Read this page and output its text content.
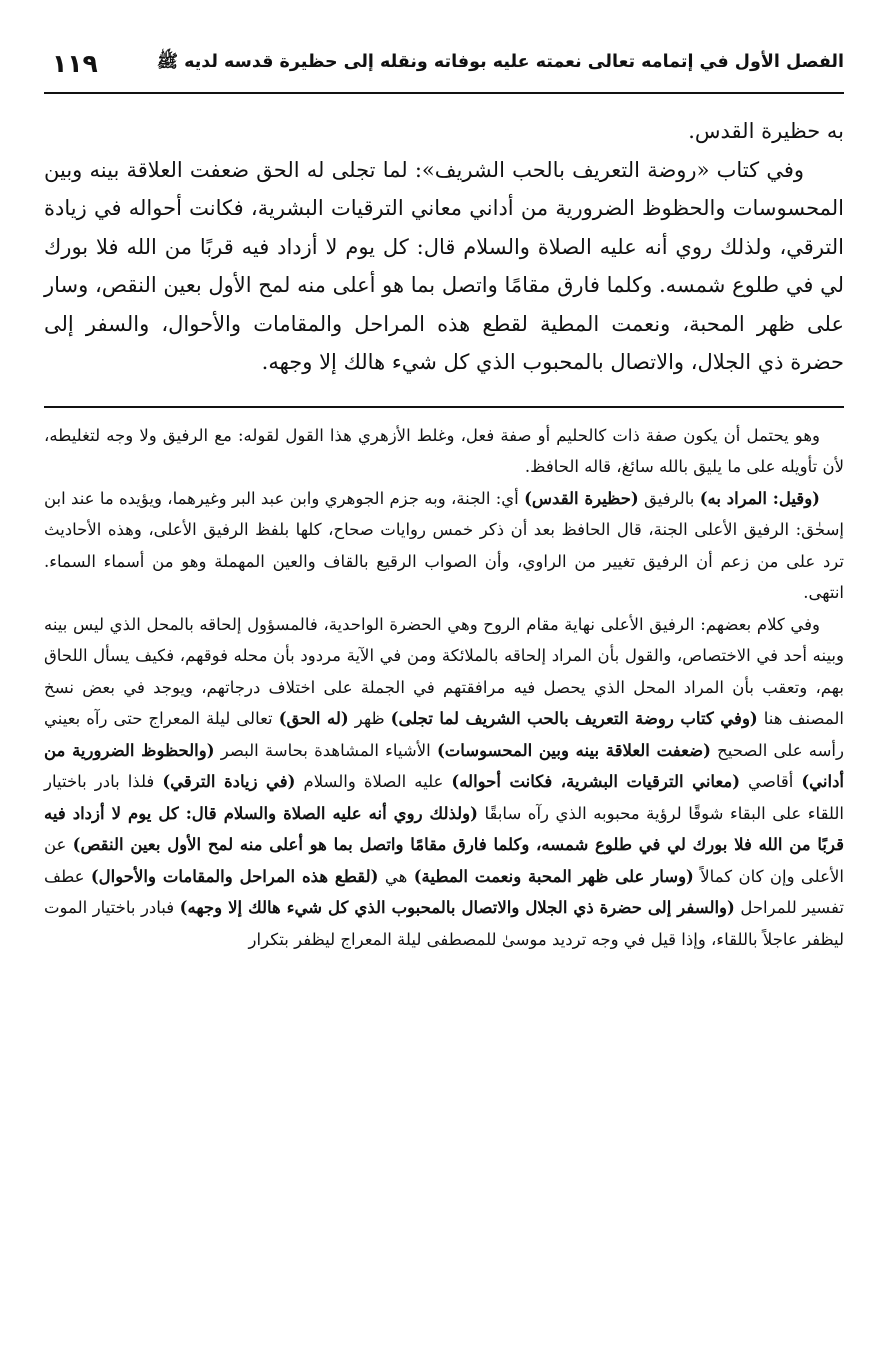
الفصل الأول في إتمامه تعالى نعمته عليه بوفاته ونقله إلى حظيرة قدسه لديه ﷺ
١١٩

به حظيرة القدس.

وفي كتاب «روضة التعريف بالحب الشريف»: لما تجلى له الحق ضعفت العلاقة بينه وبين المحسوسات والحظوظ الضرورية من أداني معاني الترقيات البشرية، فكانت أحواله في زيادة الترقي، ولذلك روي أنه عليه الصلاة والسلام قال: كل يوم لا أزداد فيه قربًا من الله فلا بورك لي في طلوع شمسه. وكلما فارق مقامًا واتصل بما هو أعلى منه لمح الأول بعين النقص، وسار على ظهر المحبة، ونعمت المطية لقطع هذه المراحل والمقامات والأحوال، والسفر إلى حضرة ذي الجلال، والاتصال بالمحبوب الذي كل شيء هالك إلا وجهه.

وهو يحتمل أن يكون صفة ذات كالحليم أو صفة فعل، وغلط الأزهري هذا القول لقوله: مع الرفيق ولا وجه لتغليطه، لأن تأويله على ما يليق بالله سائغ، قاله الحافظ.

(وقيل: المراد به) بالرفيق (حظيرة القدس) أي: الجنة، وبه جزم الجوهري وابن عبد البر وغيرهما، ويؤيده ما عند ابن إسحٰق: الرفيق الأعلى الجنة، قال الحافظ بعد أن ذكر خمس روايات صحاح، كلها بلفظ الرفيق الأعلى، وهذه الأحاديث ترد على من زعم أن الرفيق تغيير من الراوي، وأن الصواب الرقيع بالقاف والعين المهملة وهو من أسماء السماء. انتهى.

وفي كلام بعضهم: الرفيق الأعلى نهاية مقام الروح وهي الحضرة الواحدية، فالمسؤول إلحاقه بالمحل الذي ليس بينه وبينه أحد في الاختصاص، والقول بأن المراد إلحاقه بالملائكة ومن في الآية مردود بأن محله فوقهم، فكيف يسأل اللحاق بهم، وتعقب بأن المراد المحل الذي يحصل فيه مرافقتهم في الجملة على اختلاف درجاتهم، ويوجد في بعض نسخ المصنف هنا (وفي كتاب روضة التعريف بالحب الشريف لما تجلى) ظهر (له الحق) تعالى ليلة المعراج حتى رآه بعيني رأسه على الصحيح (ضعفت العلاقة بينه وبين المحسوسات) الأشياء المشاهدة بحاسة البصر (والحظوظ الضرورية من أداني) أقاصي (معاني الترقيات البشرية، فكانت أحواله) عليه الصلاة والسلام (في زيادة الترقي) فلذا بادر باختيار اللقاء على البقاء شوقًا لرؤية محبوبه الذي رآه سابقًا (ولذلك روي أنه عليه الصلاة والسلام قال: كل يوم لا أزداد فيه قربًا من الله فلا بورك لي في طلوع شمسه، وكلما فارق مقامًا واتصل بما هو أعلى منه لمح الأول بعين النقص) عن الأعلى وإن كان كمالاً (وسار على ظهر المحبة ونعمت المطية) هي (لقطع هذه المراحل والمقامات والأحوال) عطف تفسير للمراحل (والسفر إلى حضرة ذي الجلال والاتصال بالمحبوب الذي كل شيء هالك إلا وجهه) فبادر باختيار الموت ليظفر عاجلاً باللقاء، وإذا قيل في وجه ترديد موسىٰ للمصطفى ليلة المعراج ليظفر بتكرار
